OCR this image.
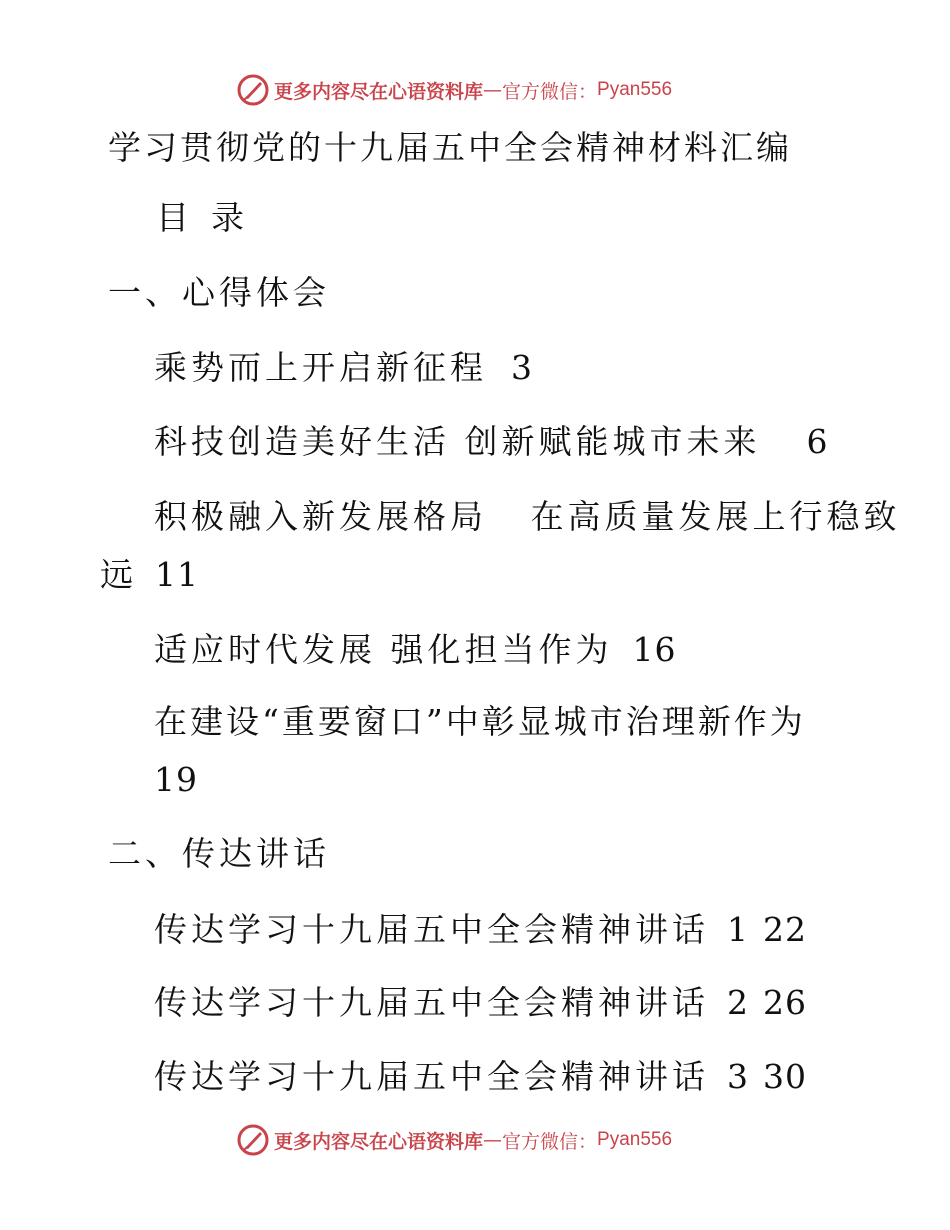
更多内容尽在心语资料库 — 官方微信： Pyan556
学习贯彻党的十九届五中全会精神材料汇编
目 录
一、心得体会
乘势而上开启新征程 3
科技创造美好生活 创新赋能城市未来 6
积极融入新发展格局   在高质量发展上行稳致
远 11
适应时代发展 强化担当作为 16
在建设“重要窗口”中彰显城市治理新作为
19
二、传达讲话
传达学习十九届五中全会精神讲话 1 22
传达学习十九届五中全会精神讲话 2 26
传达学习十九届五中全会精神讲话 3 30
更多内容尽在心语资料库 — 官方微信： Pyan556
